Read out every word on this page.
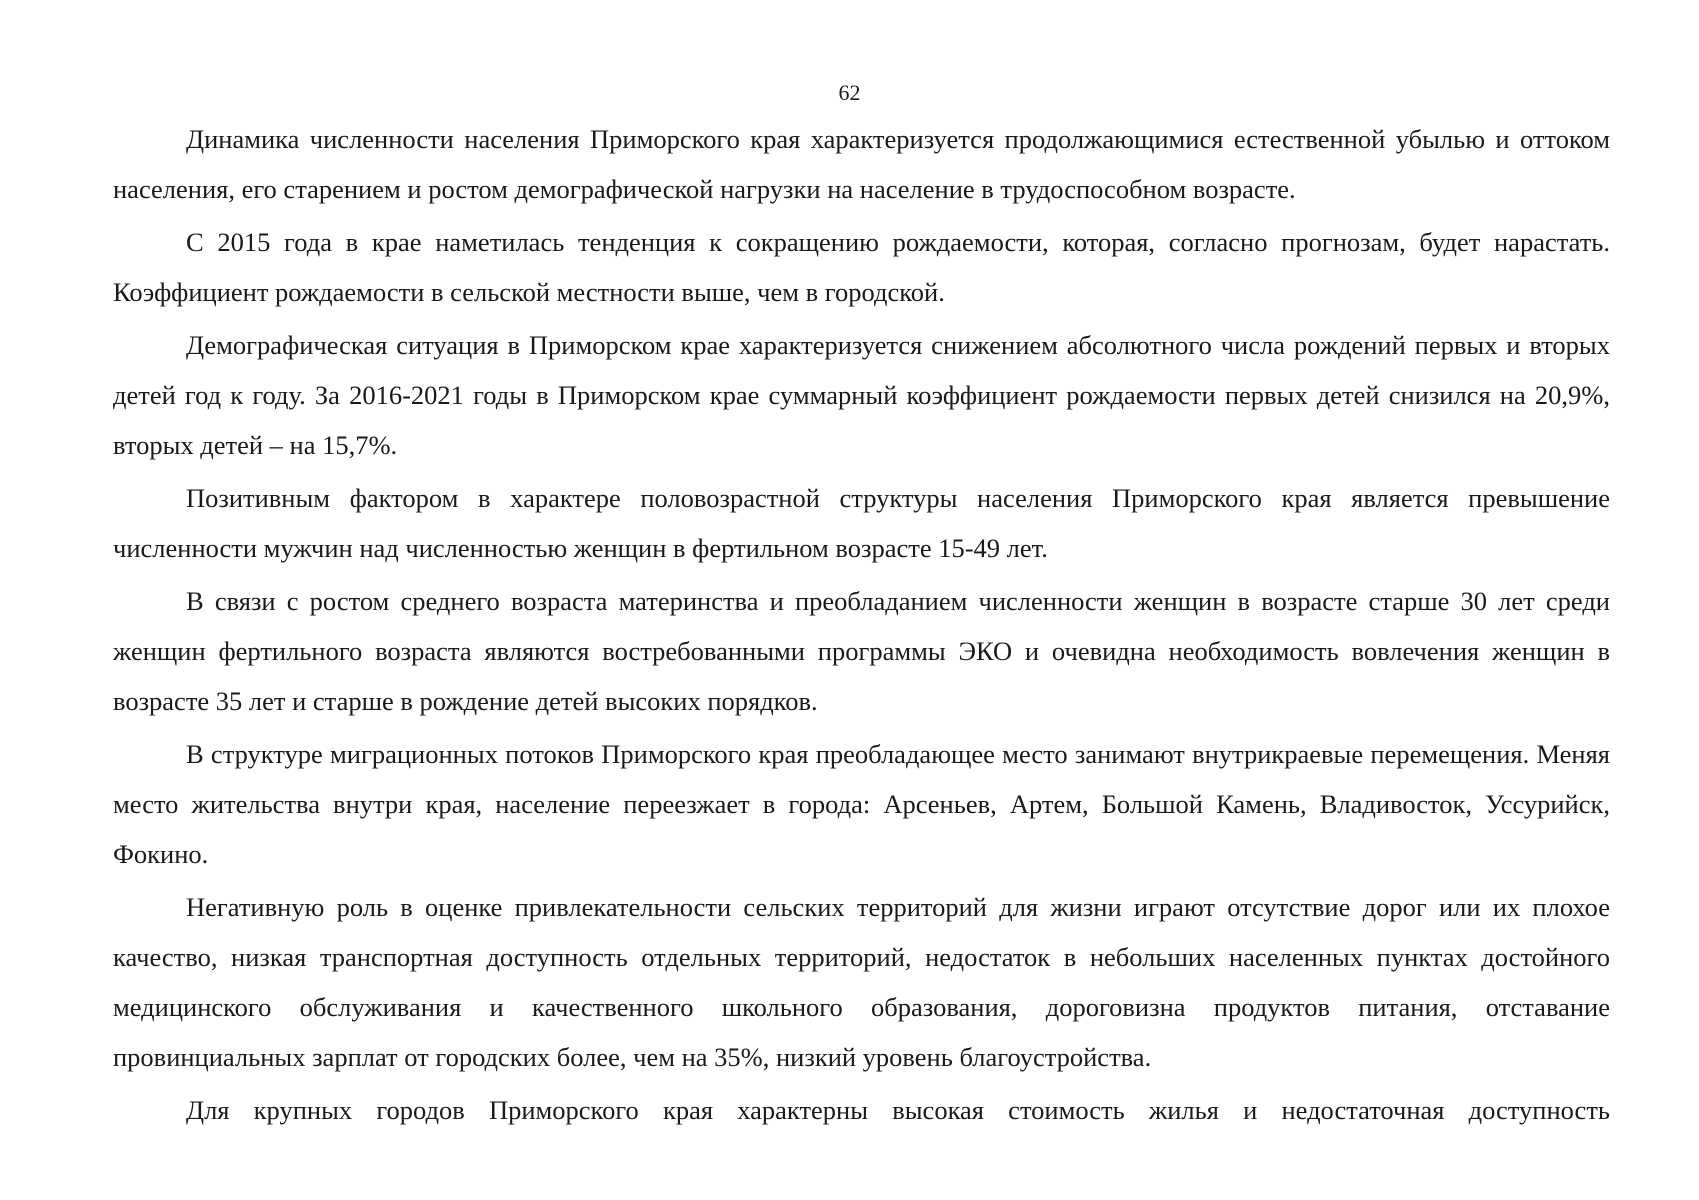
62

Динамика численности населения Приморского края характеризуется продолжающимися естественной убылью и оттоком населения, его старением и ростом демографической нагрузки на население в трудоспособном возрасте.

С 2015 года в крае наметилась тенденция к сокращению рождаемости, которая, согласно прогнозам, будет нарастать. Коэффициент рождаемости в сельской местности выше, чем в городской.

Демографическая ситуация в Приморском крае характеризуется снижением абсолютного числа рождений первых и вторых детей год к году. За 2016-2021 годы в Приморском крае суммарный коэффициент рождаемости первых детей снизился на 20,9%, вторых детей – на 15,7%.

Позитивным фактором в характере половозрастной структуры населения Приморского края является превышение численности мужчин над численностью женщин в фертильном возрасте 15-49 лет.

В связи с ростом среднего возраста материнства и преобладанием численности женщин в возрасте старше 30 лет среди женщин фертильного возраста являются востребованными программы ЭКО и очевидна необходимость вовлечения женщин в возрасте 35 лет и старше в рождение детей высоких порядков.

В структуре миграционных потоков Приморского края преобладающее место занимают внутрикраевые перемещения. Меняя место жительства внутри края, население переезжает в города: Арсеньев, Артем, Большой Камень, Владивосток, Уссурийск, Фокино.

Негативную роль в оценке привлекательности сельских территорий для жизни играют отсутствие дорог или их плохое качество, низкая транспортная доступность отдельных территорий, недостаток в небольших населенных пунктах достойного медицинского обслуживания и качественного школьного образования, дороговизна продуктов питания, отставание провинциальных зарплат от городских более, чем на 35%, низкий уровень благоустройства.

Для крупных городов Приморского края характерны высокая стоимость жилья и недостаточная доступность
